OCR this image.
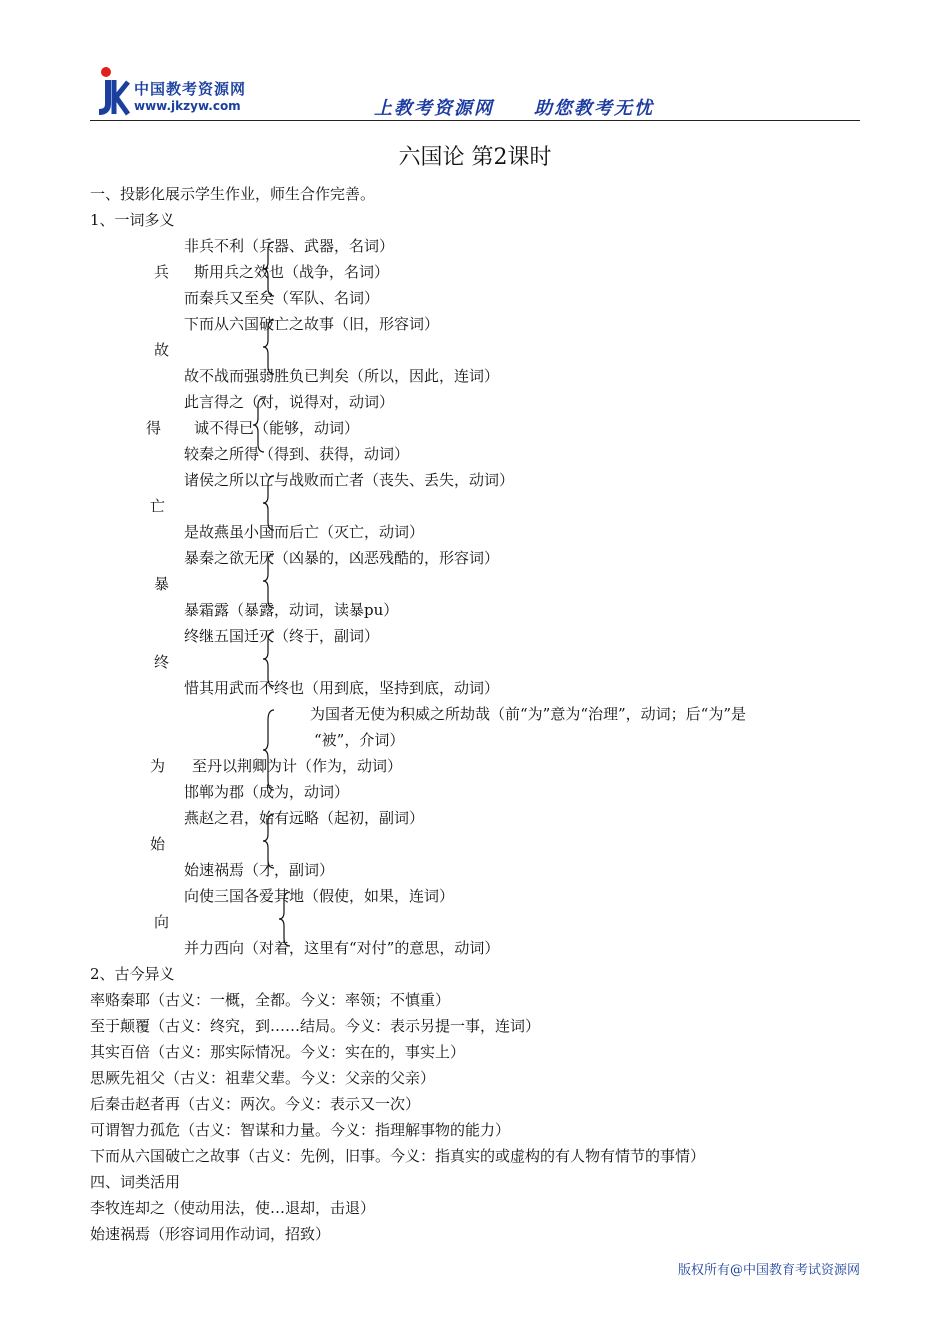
中国教考资源网
www.jkzyw.com	上教考资源网　　助您教考无忧
六国论 第2课时
一、投影化展示学生作业，师生合作完善。
1、一词多义
非兵不利（兵器、武器，名词）
兵 斯用兵之效也（战争，名词）
而秦兵又至矣（军队、名词）
下而从六国破亡之故事（旧，形容词）
故
故不战而强弱胜负已判矣（所以，因此，连词）
此言得之（对，说得对，动词）
得 诚不得已（能够，动词）
较秦之所得（得到、获得，动词）
诸侯之所以亡与战败而亡者（丧失、丢失，动词）
亡
是故燕虽小国而后亡（灭亡，动词）
暴秦之欲无厌（凶暴的，凶恶残酷的，形容词）
暴
暴霜露（暴露，动词，读暴pu）
终继五国迁灭（终于，副词）
终
惜其用武而不终也（用到底，坚持到底，动词）
为国者无使为积威之所劫哉（前“为”意为“治理”，动词；后“为”是
“被”，介词）
为 至丹以荆卿为计（作为，动词）
邯郸为郡（成为，动词）
燕赵之君，始有远略（起初，副词）
始
始速祸焉（才，副词）
向使三国各爱其地（假使，如果，连词）
向
并力西向（对着，这里有“对付”的意思，动词）
2、古今异义
率赂秦耶（古义：一概，全都。今义：率领；不慎重）
至于颠覆（古义：终究，到……结局。今义：表示另提一事，连词）
其实百倍（古义：那实际情况。今义：实在的，事实上）
思厥先祖父（古义：祖辈父辈。今义：父亲的父亲）
后秦击赵者再（古义：两次。今义：表示又一次）
可谓智力孤危（古义：智谋和力量。今义：指理解事物的能力）
下而从六国破亡之故事（古义：先例，旧事。今义：指真实的或虚构的有人物有情节的事情）
四、词类活用
李牧连却之（使动用法，使…退却，击退）
始速祸焉（形容词用作动词，招致）
版权所有@中国教育考试资源网
